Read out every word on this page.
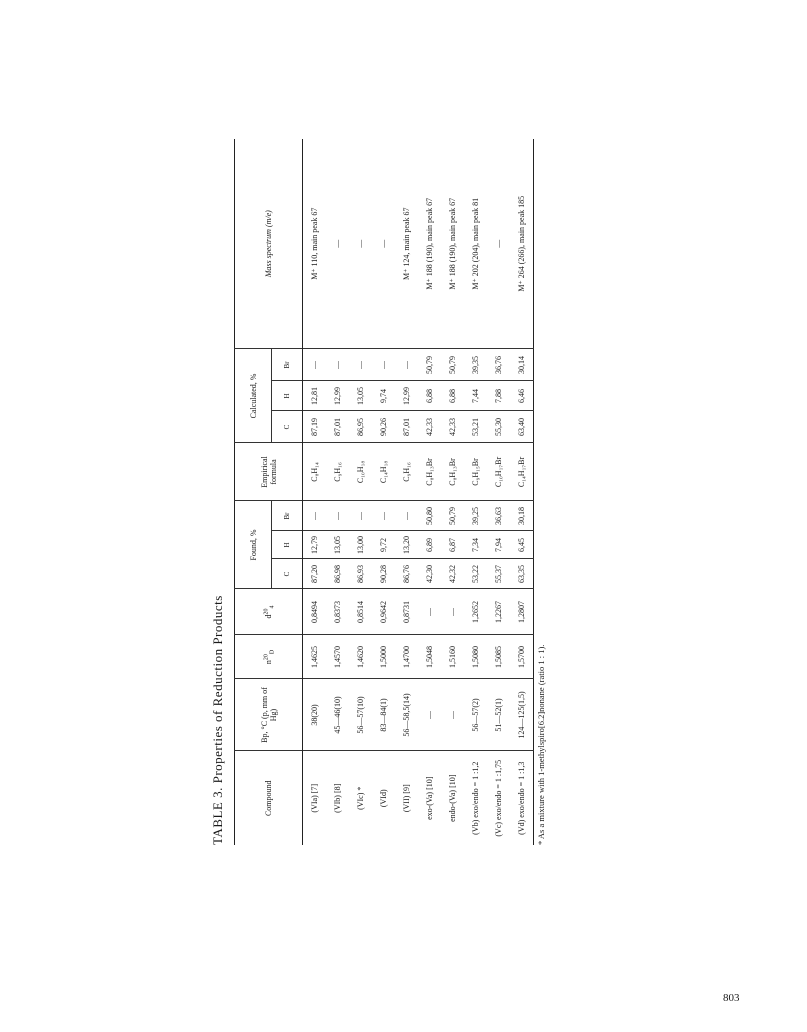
TABLE 3. Properties of Reduction Products	Compound	Bp, °C (p, mm of Hg)	$n^{20}_D$	$d^{20}_4$	Found, %			Empirical formula	Calculated, %			Mass spectrum (m/e)
				C	H	Br		C	H	Br	
(VIa) [7]	38(20)	1,4625	0,8494	87,20	12,79	—	C₈H₁₄	87,19	12,81	—	M⁺ 110, main peak 67
(VIb) [8]	45—46(10)	1,4570	0,8373	86,98	13,05	—	C₉H₁₆	87,01	12,99	—	—
(VIc) *	56—57(10)	1,4620	0,8514	86,93	13,00	—	C₁₀H₁₈	86,95	13,05	—	—
(VId)	83—84(1)	1,5000	0,9642	90,28	9,72	—	C₁₄H₁₈	90,26	9,74	—	—
(VII) [9]	56—58,5(14)	1,4700	0,8731	86,76	13,20	—	C₉H₁₆	87,01	12,99	—	M⁺ 124, main peak 67
exo-(Va) [10]	—	1,5048	—	42,30	6,89	50,80	C₈H₁₃Br	42,33	6,88	50,79	M⁺ 188 (190), main peak 67
endo-(Va) [10]	—	1,5160	—	42,32	6,87	50,79	C₈H₁₃Br	42,33	6,88	50,79	M⁺ 188 (190), main peak 67
(Vb) exo/endo = 1 :1,2	56—57(2)	1,5080	1,2652	53,22	7,34	39,25	C₉H₁₅Br	53,21	7,44	39,35	M⁺ 202 (204), main peak 81
(Vc) exo/endo = 1 :1,75	51—52(1)	1,5085	1,2267	55,37	7,94	36,63	C₁₀H₁₇Br	55,30	7,88	36,76	—
(Vd) exo/endo = 1 :1,3	124—125(1,5)	1,5700	1,2807	63,35	6,45	30,18	C₁₄H₁₇Br	63,40	6,46	30,14	M⁺ 264 (266), main peak 185
* As a mixture with 1-methylspiro[6.2]nonane (ratio 1 : 1).
803
